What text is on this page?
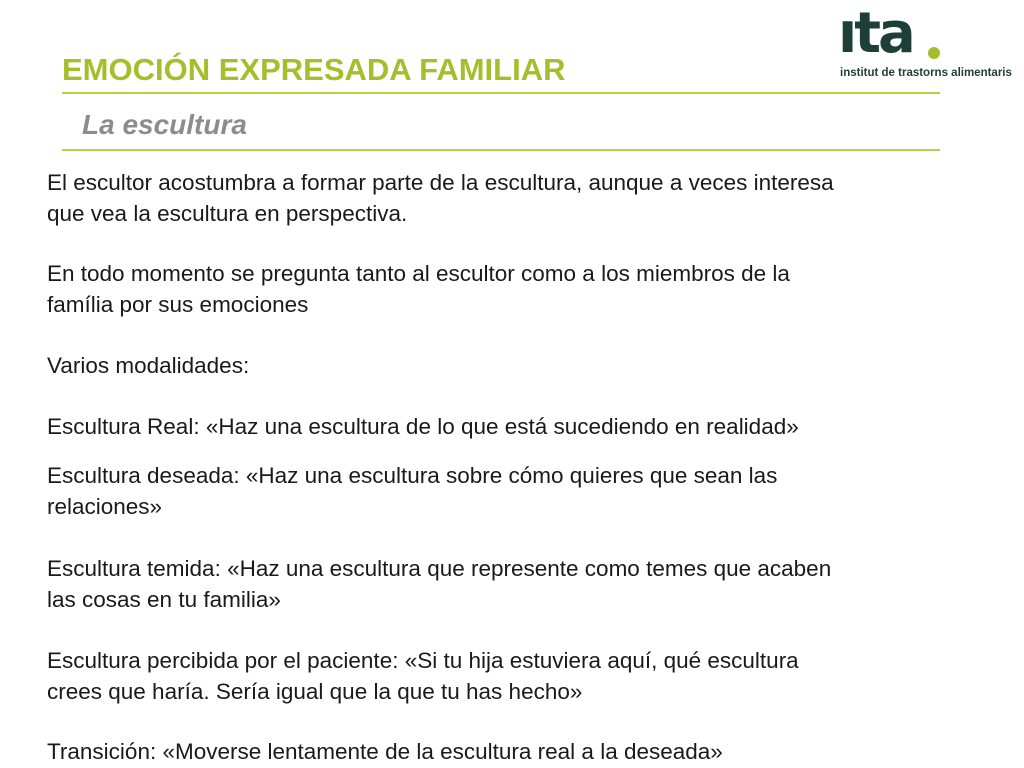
EMOCIÓN EXPRESADA FAMILIAR
La escultura
ıta
institut de trastorns alimentaris
El escultor acostumbra a formar parte de la escultura, aunque a veces interesa
que vea la escultura en perspectiva.
En todo momento se pregunta tanto al escultor como a los miembros de la
família por sus emociones
Varios modalidades:
Escultura Real: «Haz una escultura de lo que está sucediendo en realidad»
Escultura deseada: «Haz una escultura sobre cómo quieres que sean las
relaciones»
Escultura temida: «Haz una escultura que represente como temes que acaben
las cosas en tu familia»
Escultura percibida por el paciente: «Si tu hija estuviera aquí, qué escultura
crees que haría. Sería igual que la que tu has hecho»
Transición: «Moverse lentamente de la escultura real a la deseada»
